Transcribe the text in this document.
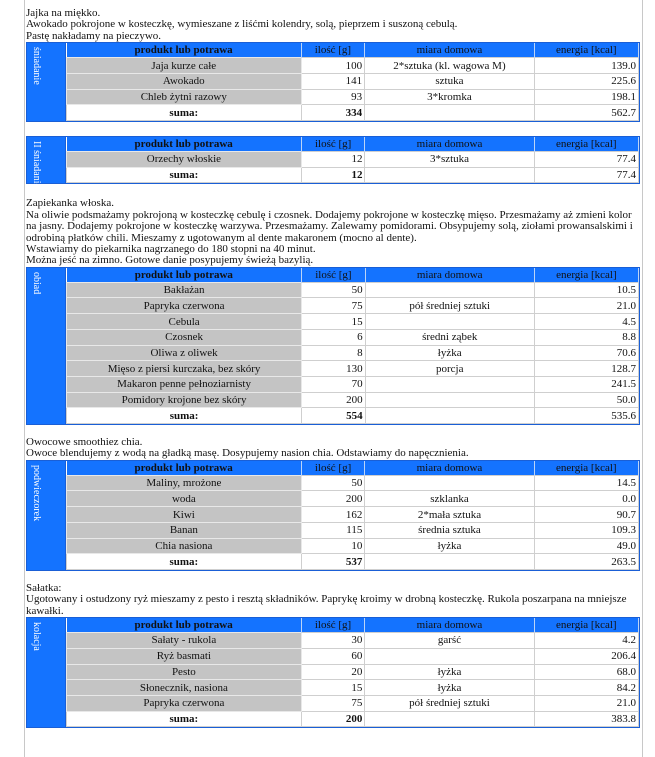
Jajka na miękko.
Awokado pokrojone w kosteczkę, wymieszane z liśćmi kolendry, solą, pieprzem i suszoną cebulą.
Pastę nakładamy na pieczywo.
śniadanie	produkt lub potrawa	ilość [g]	miara domowa	energia [kcal]
Jaja kurze całe	100	2*sztuka (kl. wagowa M)	139.0
Awokado	141	sztuka	225.6
Chleb żytni razowy	93	3*kromka	198.1
suma:	334		562.7
II śniadanie	produkt lub potrawa	ilość [g]	miara domowa	energia [kcal]
Orzechy włoskie	12	3*sztuka	77.4
suma:	12		77.4
Zapiekanka włoska.
Na oliwie podsmażamy pokrojoną w kosteczkę cebulę i czosnek. Dodajemy pokrojone w kosteczkę mięso. Przesmażamy aż zmieni kolor na jasny. Dodajemy pokrojone w kosteczkę warzywa. Przesmażamy. Zalewamy pomidorami. Obsypujemy solą, ziołami prowansalskimi i odrobiną płatków chili. Mieszamy z ugotowanym al dente makaronem (mocno al dente).
Wstawiamy do piekarnika nagrzanego do 180 stopni na 40 minut.
Można jeść na zimno. Gotowe danie posypujemy świeżą bazylią.
obiad	produkt lub potrawa	ilość [g]	miara domowa	energia [kcal]
Bakłażan	50		10.5
Papryka czerwona	75	pół średniej sztuki	21.0
Cebula	15		4.5
Czosnek	6	średni ząbek	8.8
Oliwa z oliwek	8	łyżka	70.6
Mięso z piersi kurczaka, bez skóry	130	porcja	128.7
Makaron penne pełnoziarnisty	70		241.5
Pomidory krojone bez skóry	200		50.0
suma:	554		535.6
Owocowe smoothiez chia.
Owoce blendujemy z wodą na gładką masę. Dosypujemy nasion chia. Odstawiamy do napęcznienia.
podwieczorek	produkt lub potrawa	ilość [g]	miara domowa	energia [kcal]
Maliny, mrożone	50		14.5
woda	200	szklanka	0.0
Kiwi	162	2*mała sztuka	90.7
Banan	115	średnia sztuka	109.3
Chia nasiona	10	łyżka	49.0
suma:	537		263.5
Sałatka:
Ugotowany i ostudzony ryż mieszamy z pesto i resztą składników. Paprykę kroimy w drobną kosteczkę. Rukola poszarpana na mniejsze kawałki.
kolacja	produkt lub potrawa	ilość [g]	miara domowa	energia [kcal]
Sałaty - rukola	30	garść	4.2
Ryż basmati	60		206.4
Pesto	20	łyżka	68.0
Słonecznik, nasiona	15	łyżka	84.2
Papryka czerwona	75	pół średniej sztuki	21.0
suma:	200		383.8
